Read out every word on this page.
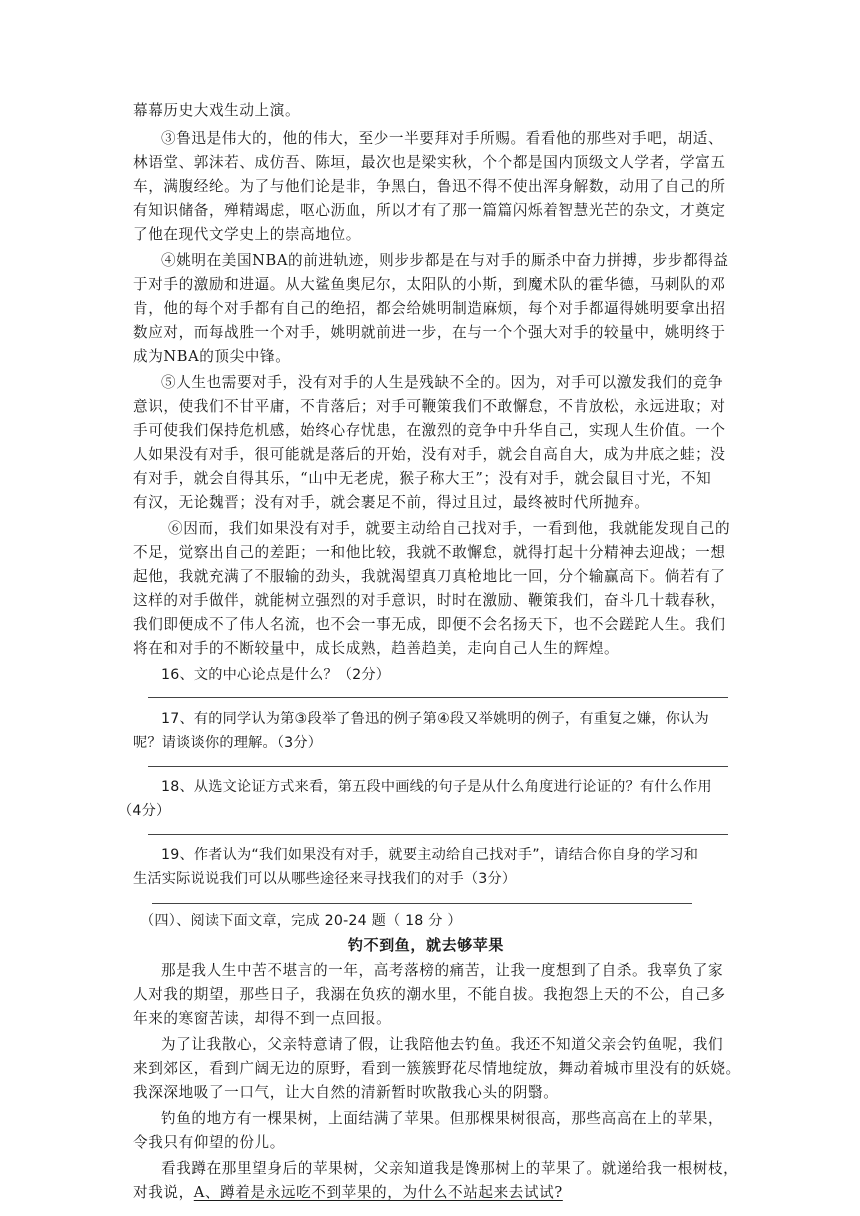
幕幕历史大戏生动上演。
③鲁迅是伟大的，他的伟大，至少一半要拜对手所赐。看看他的那些对手吧，胡适、
林语堂、郭沫若、成仿吾、陈垣，最次也是梁实秋，个个都是国内顶级文人学者，学富五
车，满腹经纶。为了与他们论是非，争黑白，鲁迅不得不使出浑身解数，动用了自己的所
有知识储备，殚精竭虑，呕心沥血，所以才有了那一篇篇闪烁着智慧光芒的杂文，才奠定
了他在现代文学史上的崇高地位。
④姚明在美国NBA的前进轨迹，则步步都是在与对手的厮杀中奋力拼搏，步步都得益
于对手的激励和进逼。从大鲨鱼奥尼尔，太阳队的小斯，到魔术队的霍华德，马刺队的邓
肯，他的每个对手都有自己的绝招，都会给姚明制造麻烦，每个对手都逼得姚明要拿出招
数应对，而每战胜一个对手，姚明就前进一步，在与一个个强大对手的较量中，姚明终于
成为NBA的顶尖中锋。
⑤人生也需要对手，没有对手的人生是残缺不全的。因为，对手可以激发我们的竞争
意识，使我们不甘平庸，不肯落后；对手可鞭策我们不敢懈怠，不肯放松，永远进取；对
手可使我们保持危机感，始终心存忧患，在激烈的竞争中升华自己，实现人生价值。一个
人如果没有对手，很可能就是落后的开始，没有对手，就会自高自大，成为井底之蛙；没
有对手，就会自得其乐，“山中无老虎，猴子称大王”；没有对手，就会鼠目寸光，不知
有汉，无论魏晋；没有对手，就会裹足不前，得过且过，最终被时代所抛弃。
⑥因而，我们如果没有对手，就要主动给自己找对手，一看到他，我就能发现自己的
不足，觉察出自己的差距；一和他比较，我就不敢懈怠，就得打起十分精神去迎战；一想
起他，我就充满了不服输的劲头，我就渴望真刀真枪地比一回，分个输赢高下。倘若有了
这样的对手做伴，就能树立强烈的对手意识，时时在激励、鞭策我们，奋斗几十载春秋，
我们即便成不了伟人名流，也不会一事无成，即便不会名扬天下，也不会蹉跎人生。我们
将在和对手的不断较量中，成长成熟，趋善趋美，走向自己人生的辉煌。
16、文的中心论点是什么？（2分）
17、有的同学认为第③段举了鲁迅的例子第④段又举姚明的例子，有重复之嫌，你认为
呢？请谈谈你的理解。（3分）
18、从选文论证方式来看，第五段中画线的句子是从什么角度进行论证的？有什么作用
（4分）
19、作者认为“我们如果没有对手，就要主动给自己找对手”，请结合你自身的学习和
生活实际说说我们可以从哪些途径来寻找我们的对手（3分）
（四）、阅读下面文章，完成 20-24 题（ 18 分 ）
钓不到鱼，就去够苹果
那是我人生中苦不堪言的一年，高考落榜的痛苦，让我一度想到了自杀。我辜负了家
人对我的期望，那些日子，我溺在负疚的潮水里，不能自拔。我抱怨上天的不公，自己多
年来的寒窗苦读，却得不到一点回报。
为了让我散心，父亲特意请了假，让我陪他去钓鱼。我还不知道父亲会钓鱼呢，我们
来到郊区，看到广阔无边的原野，看到一簇簇野花尽情地绽放，舞动着城市里没有的妖娆。
我深深地吸了一口气，让大自然的清新暂时吹散我心头的阴翳。
钓鱼的地方有一棵果树，上面结满了苹果。但那棵果树很高，那些高高在上的苹果，
令我只有仰望的份儿。
看我蹲在那里望身后的苹果树，父亲知道我是馋那树上的苹果了。就递给我一根树枝，
对我说，A、蹲着是永远吃不到苹果的，为什么不站起来去试试?
